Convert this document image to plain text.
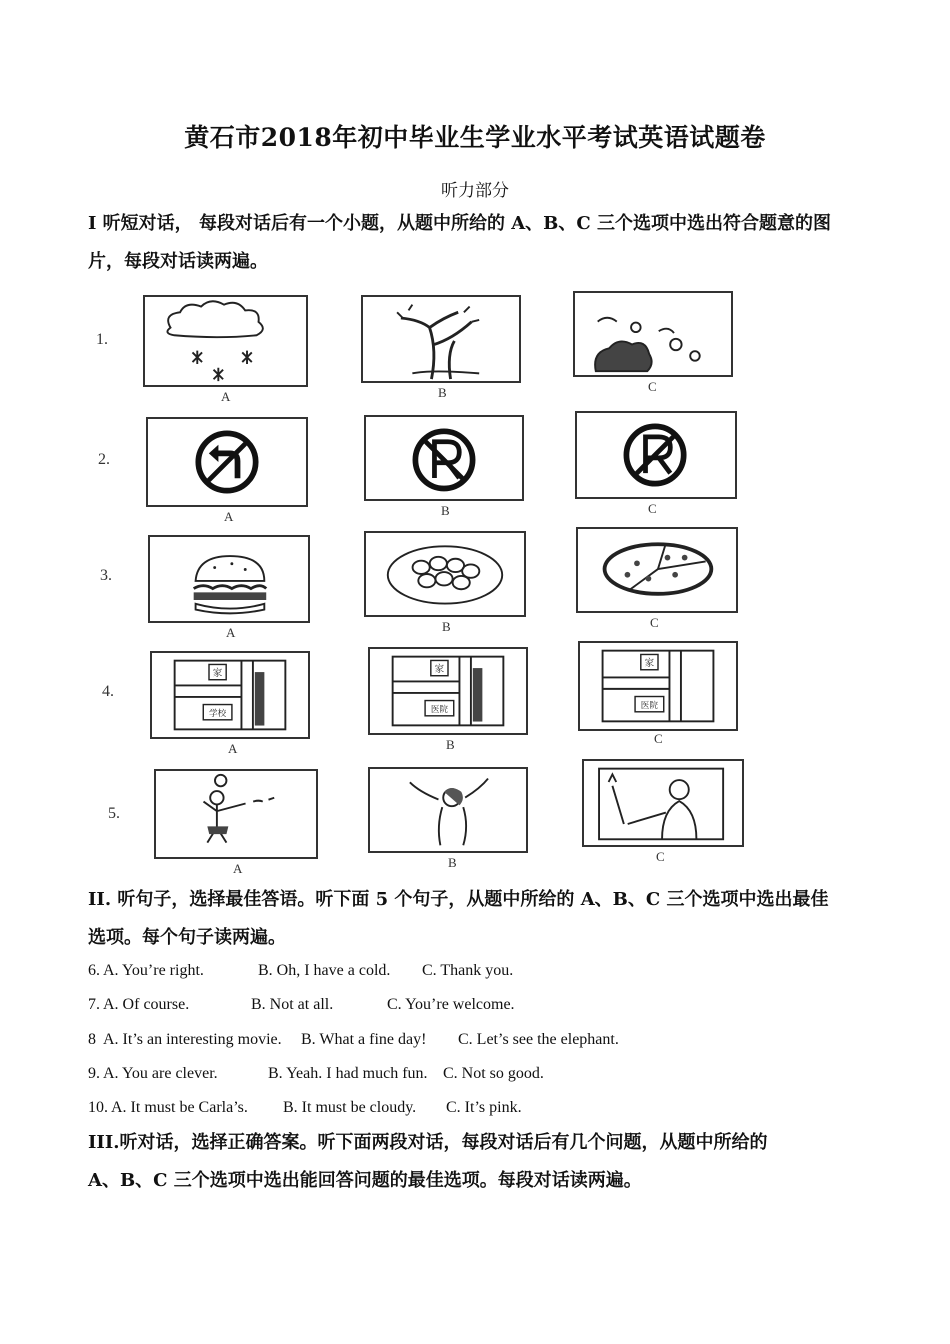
黄石市2018年初中毕业生学业水平考试英语试题卷
听力部分
I 听短对话， 每段对话后有一个小题，从题中所给的 A、B、C 三个选项中选出符合题意的图
片，每段对话读两遍。
1.
A	B	C
2.
A	B	C
3.
A	B	C
4.
家
学校
A
家
医院
B
家
医院
C
5.
A	B	C
II. 听句子，选择最佳答语。听下面 5 个句子，从题中所给的 A、B、C 三个选项中选出最佳
选项。每个句子读两遍。
6. A. You’re right.	B. Oh, I have a cold. C. Thank you.
7. A. Of course.	B. Not at all.	C. You’re welcome.
8 A. It’s an interesting movie. B. What a fine day! C. Let’s see the elephant.
9. A. You are clever.	B. Yeah. I had much fun. C. Not so good.
10. A. It must be Carla’s. B. It must be cloudy. C. It’s pink.
III.听对话，选择正确答案。听下面两段对话，每段对话后有几个问题，从题中所给的
A、B、C 三个选项中选出能回答问题的最佳选项。每段对话读两遍。
